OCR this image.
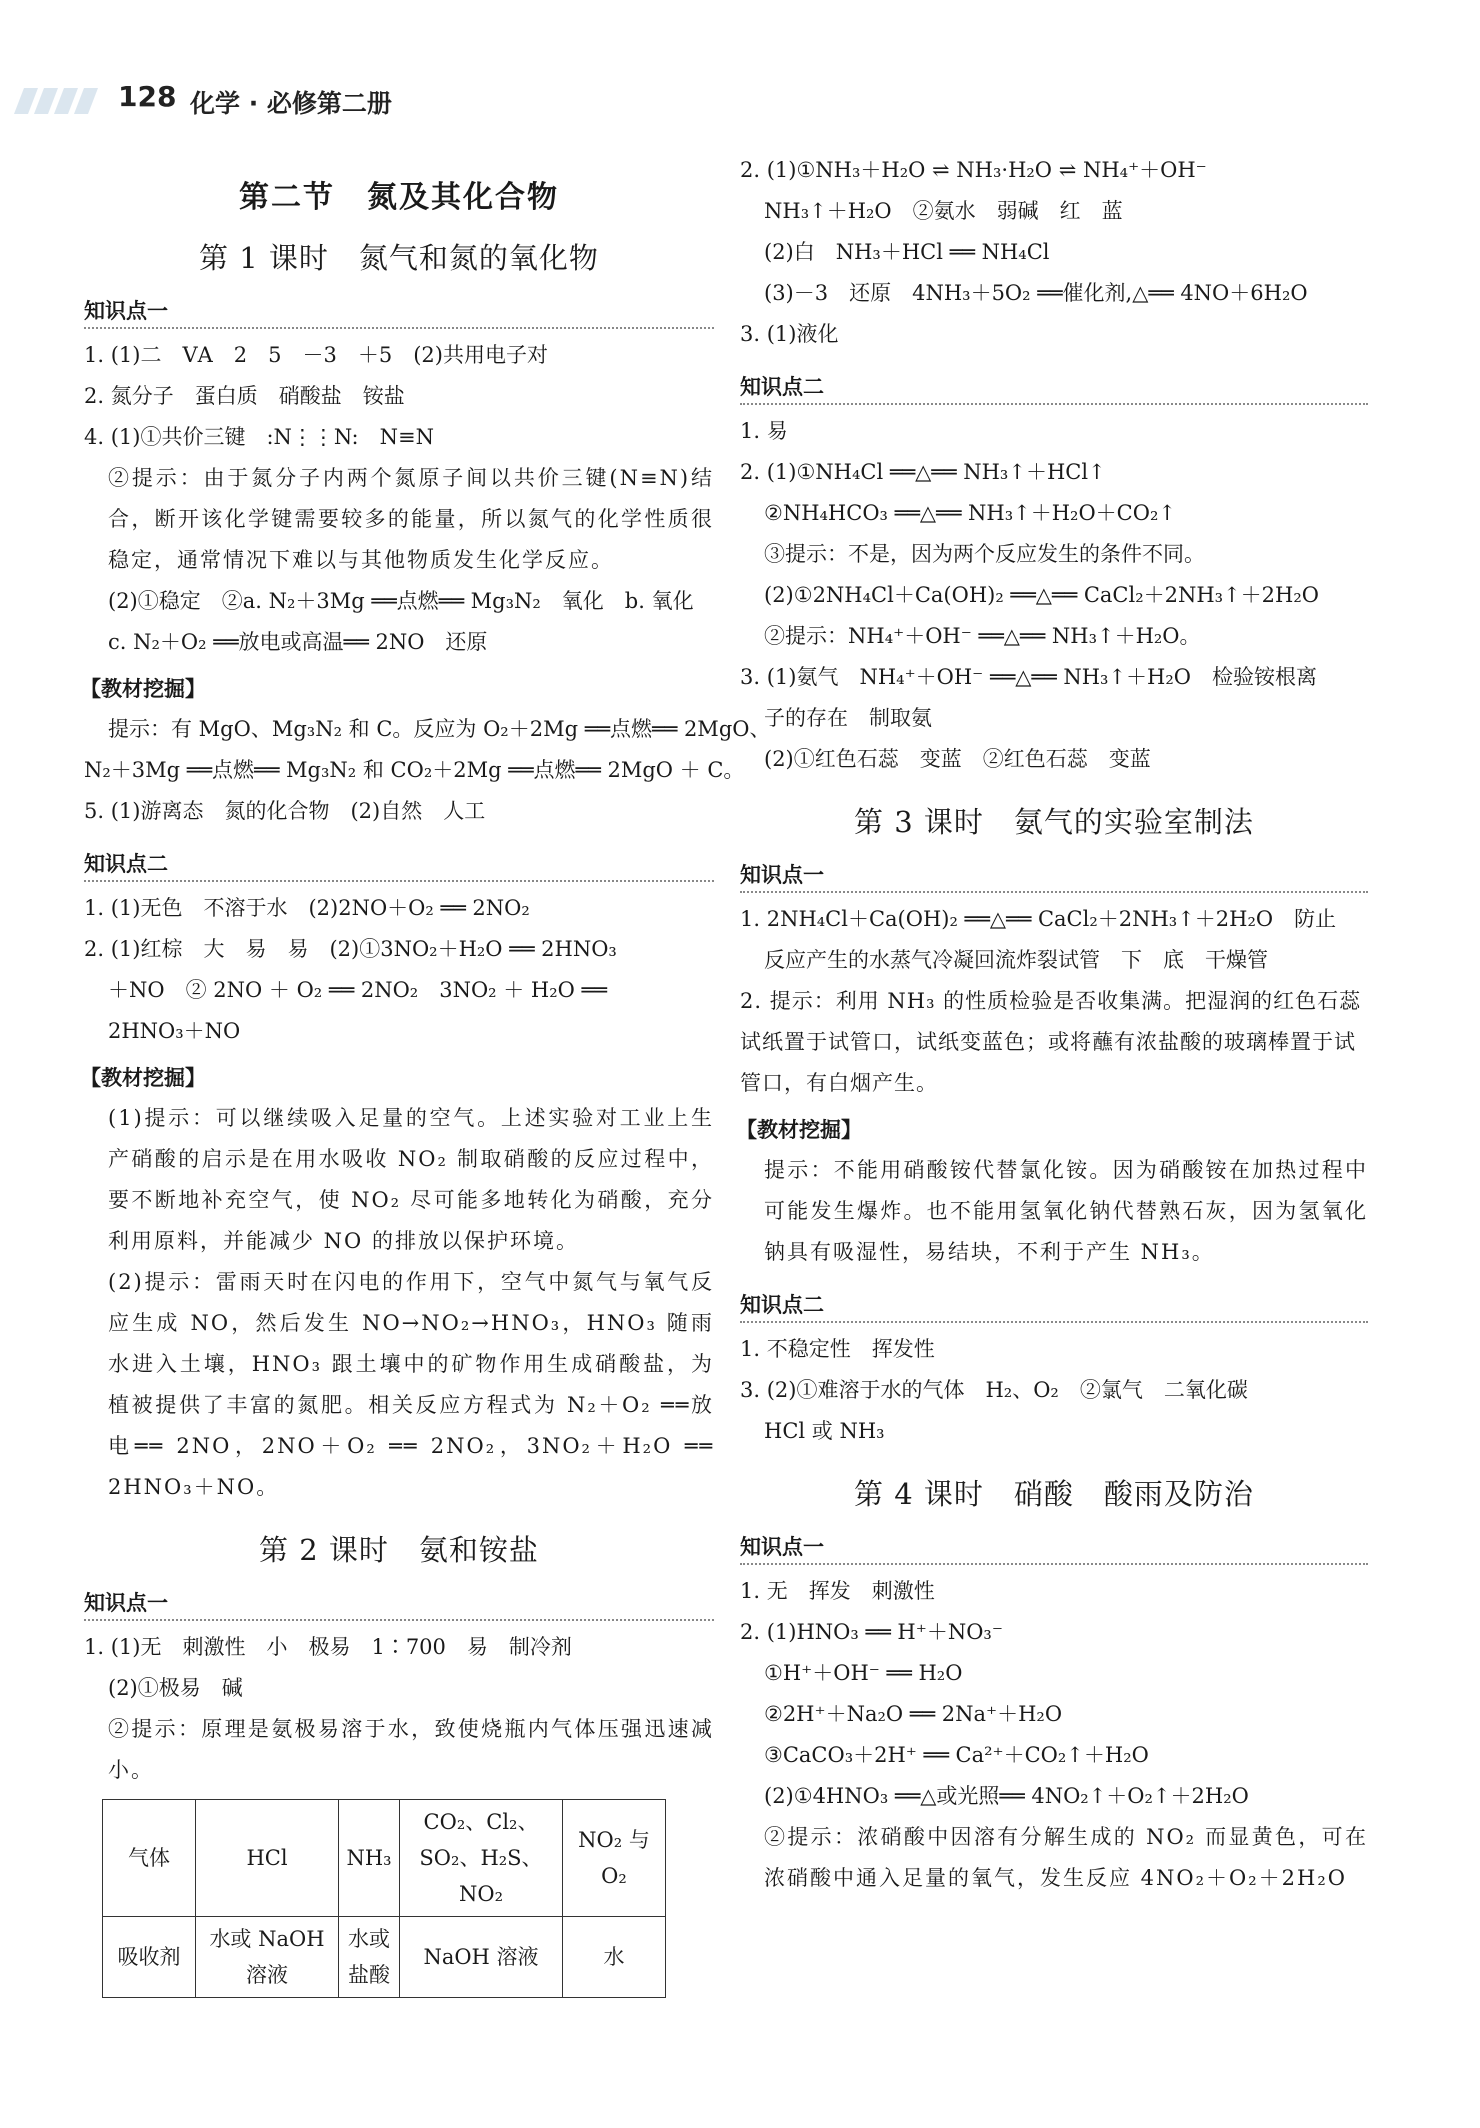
128 化学 · 必修第二册
第二节　氮及其化合物
第 1 课时　氮气和氮的氧化物
知识点一

1. (1)二　ⅤA　2　5　－3　＋5　(2)共用电子对

2. 氮分子　蛋白质　硝酸盐　铵盐

4. (1)①共价三键　:N⋮⋮N:　N≡N

②提示：由于氮分子内两个氮原子间以共价三键(N≡N)结合，断开该化学键需要较多的能量，所以氮气的化学性质很稳定，通常情况下难以与其他物质发生化学反应。

(2)①稳定　②a. N₂＋3Mg ══点燃══ Mg₃N₂　氧化　b. 氧化

c. N₂＋O₂ ══放电或高温══ 2NO　还原

【教材挖掘】

提示：有 MgO、Mg₃N₂ 和 C。反应为 O₂＋2Mg ══点燃══ 2MgO、

N₂＋3Mg ══点燃══ Mg₃N₂ 和 CO₂＋2Mg ══点燃══ 2MgO ＋ C。

5. (1)游离态　氮的化合物　(2)自然　人工

知识点二

1. (1)无色　不溶于水　(2)2NO＋O₂ ══ 2NO₂

2. (1)红棕　大　易　易　(2)①3NO₂＋H₂O ══ 2HNO₃

＋NO　② 2NO ＋ O₂ ══ 2NO₂　3NO₂ ＋ H₂O ══

2HNO₃＋NO

【教材挖掘】

(1)提示：可以继续吸入足量的空气。上述实验对工业上生产硝酸的启示是在用水吸收 NO₂ 制取硝酸的反应过程中，要不断地补充空气，使 NO₂ 尽可能多地转化为硝酸，充分利用原料，并能减少 NO 的排放以保护环境。

(2)提示：雷雨天时在闪电的作用下，空气中氮气与氧气反应生成 NO，然后发生 NO→NO₂→HNO₃，HNO₃ 随雨水进入土壤，HNO₃ 跟土壤中的矿物作用生成硝酸盐，为植被提供了丰富的氮肥。相关反应方程式为 N₂＋O₂ ══放电══ 2NO，2NO＋O₂ ══ 2NO₂，3NO₂＋H₂O ══ 2HNO₃＋NO。

第 2 课时　氨和铵盐
知识点一

1. (1)无　刺激性　小　极易　1∶700　易　制冷剂

(2)①极易　碱

②提示：原理是氨极易溶于水，致使烧瓶内气体压强迅速减小。

气体	HCl	NH₃	CO₂、Cl₂、SO₂、H₂S、NO₂	NO₂ 与 O₂
吸收剂	水或 NaOH 溶液	水或盐酸	NaOH 溶液	水

2. (1)①NH₃＋H₂O ⇌ NH₃·H₂O ⇌ NH₄⁺＋OH⁻

NH₃↑＋H₂O　②氨水　弱碱　红　蓝

(2)白　NH₃＋HCl ══ NH₄Cl

(3)－3　还原　4NH₃＋5O₂ ══催化剂,△══ 4NO＋6H₂O

3. (1)液化

知识点二

1. 易

2. (1)①NH₄Cl ══△══ NH₃↑＋HCl↑

②NH₄HCO₃ ══△══ NH₃↑＋H₂O＋CO₂↑

③提示：不是，因为两个反应发生的条件不同。

(2)①2NH₄Cl＋Ca(OH)₂ ══△══ CaCl₂＋2NH₃↑＋2H₂O

②提示：NH₄⁺＋OH⁻ ══△══ NH₃↑＋H₂O。

3. (1)氨气　NH₄⁺＋OH⁻ ══△══ NH₃↑＋H₂O　检验铵根离

子的存在　制取氨

(2)①红色石蕊　变蓝　②红色石蕊　变蓝

第 3 课时　氨气的实验室制法
知识点一

1. 2NH₄Cl＋Ca(OH)₂ ══△══ CaCl₂＋2NH₃↑＋2H₂O　防止

反应产生的水蒸气冷凝回流炸裂试管　下　底　干燥管

2. 提示：利用 NH₃ 的性质检验是否收集满。把湿润的红色石蕊试纸置于试管口，试纸变蓝色；或将蘸有浓盐酸的玻璃棒置于试管口，有白烟产生。

【教材挖掘】

提示：不能用硝酸铵代替氯化铵。因为硝酸铵在加热过程中可能发生爆炸。也不能用氢氧化钠代替熟石灰，因为氢氧化钠具有吸湿性，易结块，不利于产生 NH₃。

知识点二

1. 不稳定性　挥发性

3. (2)①难溶于水的气体　H₂、O₂　②氯气　二氧化碳

HCl 或 NH₃

第 4 课时　硝酸　酸雨及防治
知识点一

1. 无　挥发　刺激性

2. (1)HNO₃ ══ H⁺＋NO₃⁻

①H⁺＋OH⁻ ══ H₂O

②2H⁺＋Na₂O ══ 2Na⁺＋H₂O

③CaCO₃＋2H⁺ ══ Ca²⁺＋CO₂↑＋H₂O

(2)①4HNO₃ ══△或光照══ 4NO₂↑＋O₂↑＋2H₂O

②提示：浓硝酸中因溶有分解生成的 NO₂ 而显黄色，可在浓硝酸中通入足量的氧气，发生反应 4NO₂＋O₂＋2H₂O
